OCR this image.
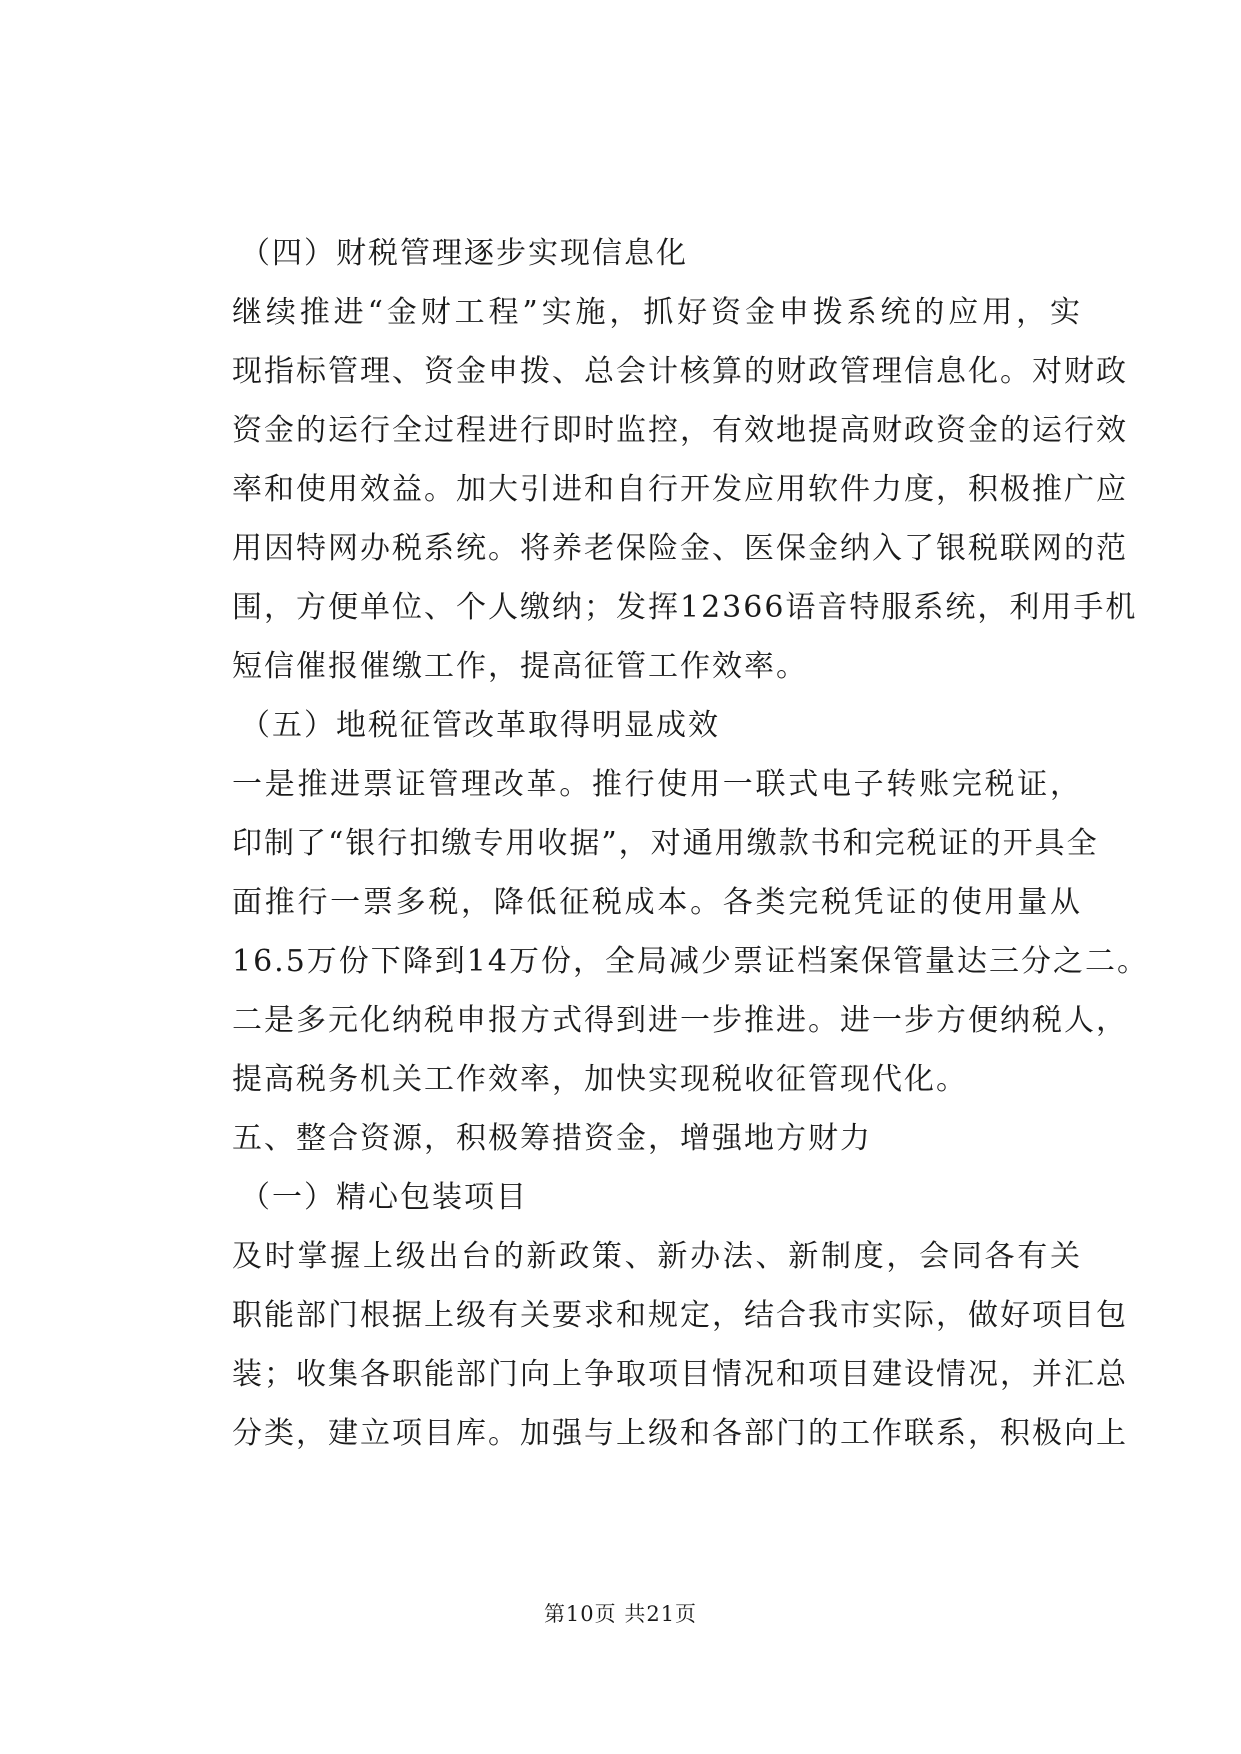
（四）财税管理逐步实现信息化
继续推进“金财工程”实施，抓好资金申拨系统的应用，实
现指标管理、资金申拨、总会计核算的财政管理信息化。对财政
资金的运行全过程进行即时监控，有效地提高财政资金的运行效
率和使用效益。加大引进和自行开发应用软件力度，积极推广应
用因特网办税系统。将养老保险金、医保金纳入了银税联网的范
围，方便单位、个人缴纳；发挥12366语音特服系统，利用手机
短信催报催缴工作，提高征管工作效率。
（五）地税征管改革取得明显成效
一是推进票证管理改革。推行使用一联式电子转账完税证，
印制了“银行扣缴专用收据”，对通用缴款书和完税证的开具全
面推行一票多税，降低征税成本。各类完税凭证的使用量从
16.5万份下降到14万份，全局减少票证档案保管量达三分之二。
二是多元化纳税申报方式得到进一步推进。进一步方便纳税人，
提高税务机关工作效率，加快实现税收征管现代化。
五、整合资源，积极筹措资金，增强地方财力
（一）精心包装项目
及时掌握上级出台的新政策、新办法、新制度，会同各有关
职能部门根据上级有关要求和规定，结合我市实际，做好项目包
装；收集各职能部门向上争取项目情况和项目建设情况，并汇总
分类，建立项目库。加强与上级和各部门的工作联系，积极向上
第10页 共21页
